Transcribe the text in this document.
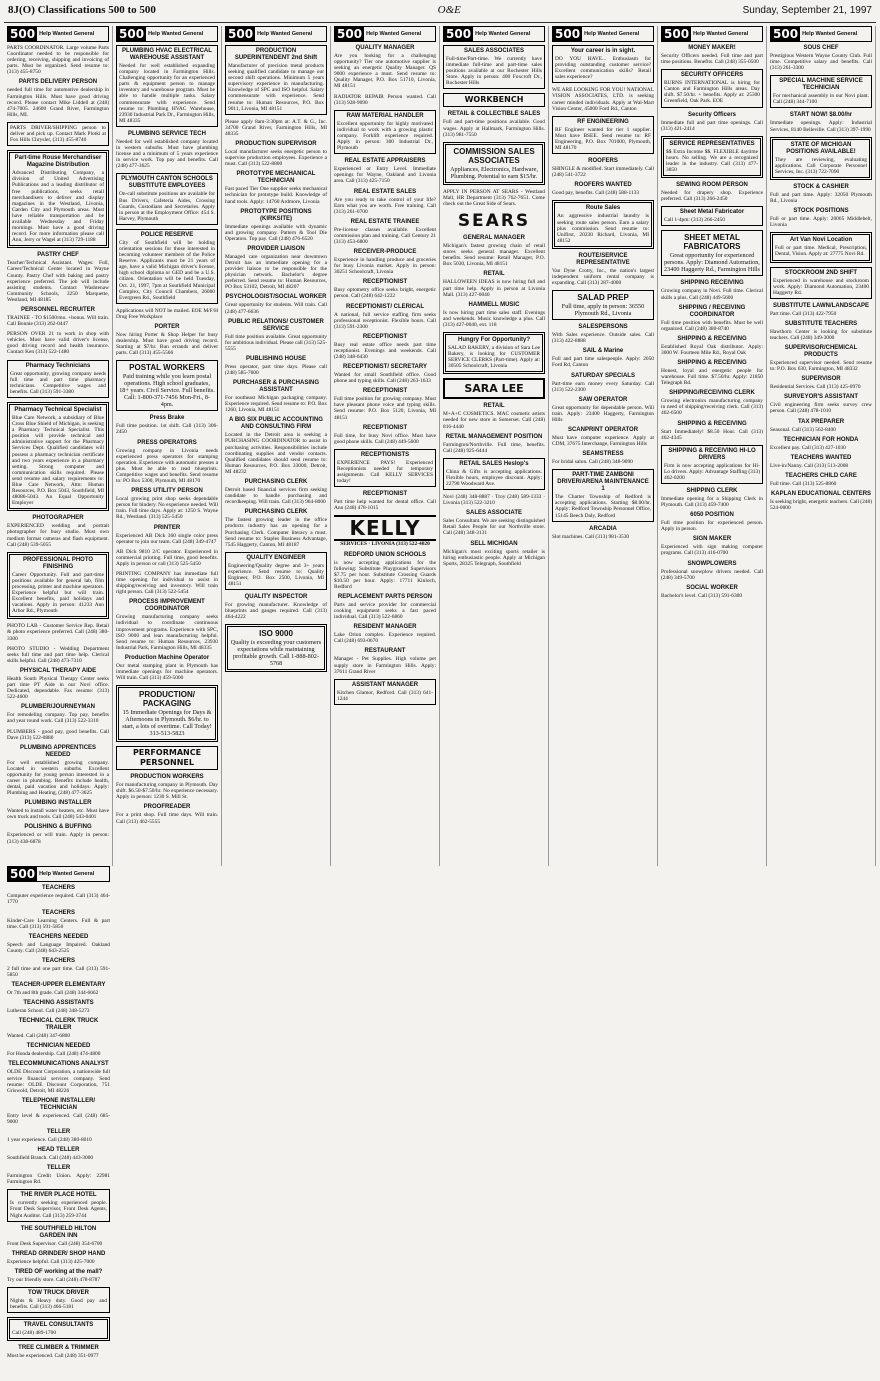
8J(O) Classifications 500 to 500	O&E	Sunday, September 21, 1997
500 Help Wanted General
PARTS COORDINATOR. Large volume Parts Coordinator needed to be responsible for ordering, receiving, shipping and invoicing of parts. Must be organized. Send resume to: (313) 455-8750
PARTS DELIVERY PERSON
needed full time for automotive dealership in Farmington Hills. Must have good driving record. Please contact Mike Liddell at (248) 474-7005. 24600 Grand River, Farmington Hills, MI.
PARTS DRIVER/SHIPPING person to deliver and pick up. Contact Mark Plotki at Fox Hills Chrysler, (313) 455-8740
Part-time Rouse Merchandiser Magazine Distribution
Advanced Distributing Company, a division of United Advertising Publications and a leading distributor of free publications, seeks retail merchandisers to deliver and display magazines in the Westland, Livonia, Garden City and Plymouth areas. Must have reliable transportation and be available Wednesday and Friday mornings. Must have a good driving record. For more information please call Ann, Jerry or Wagel at (313) 729-1188
PASTRY CHEF
Teacher/Technical Assistant. Wages: Full, Career/Technical Center located in Wayne County. Pastry Chef with baking and pastry experience preferred. The job will include assisting students. Contact Washtenaw Community Schools, 3250 Marquette, Westland, MI 48185
PERSONNEL RECRUITER
TRAINEE - TO $1500/mo. +bonus. Will train. Call Bonnie (313) 262-0447
PERSON OVER 21 to work in shop with vehicles. Must have valid driver's license, good driving record and health insurance. Contact Ken (313) 522-1480
Pharmacy Technicians
Great opportunity, growing company needs full time and part time pharmacy technicians. Competitive wages and benefits. Call (313) 591-3380
Pharmacy Technical Specialist
Blue Care Network, a subsidiary of Blue Cross Blue Shield of Michigan, is seeking a Pharmacy Technical Specialist. This position will provide technical and administrative support for the Pharmacy Services Dept. Qualified candidates will possess a pharmacy technician certificate and two years experience in a pharmacy setting. Strong computer and communication skills required. Please send resume and salary requirements to: Blue Care Network, Attn: Human Resources, P.O. Box 5043, Southfield, MI 48086-5043. An Equal Opportunity Employer
PHOTOGRAPHER
EXPERIENCED wedding and portrait photographer for busy studio. Must own medium format cameras and flash equipment. Call (248) 539-5055
PROFESSIONAL PHOTO FINISHING
Career Opportunity. Full and part-time positions available for general lab, film processing, printer and machine operators. Experience helpful but will train. Excellent benefits, paid holidays and vacations. Apply in person: 41233 Ann Arbor Rd., Plymouth
PHOTO LAB - Customer Service Rep. Retail & photo experience preferred. Call (248) 380-3300
PHOTO STUDIO - Wedding Department seeks full time and part time help. Clerical skills helpful. Call (248) 473-7310
PHYSICAL THERAPY AIDE
Health South Physical Therapy Center seeks part time PT Aide in our Novi office. Dedicated, dependable. Fax resume: (313) 522-4600
PLUMBER/JOURNEYMAN
For remodeling company. Top pay, benefits and year round work. Call (313) 522-3310
PLUMBERS - good pay, good benefits. Call Dave (313) 522-0880
PLUMBING APPRENTICES NEEDED
For well established growing company. Located in western suburbs. Excellent opportunity for young person interested in a career in plumbing. Benefits include health, dental, paid vacation and holidays. Apply: Plumbing and Heating, (248) 477-3625
PLUMBING INSTALLER
Wanted to install water heaters, etc. Must have own truck and tools. Call (248) 543-0401
POLISHING & BUFFING
Experienced or will train. Apply in person: (313) 438-6878
500 Help Wanted General
PLUMBING HVAC ELECTRICAL WAREHOUSE ASSISTANT
Needed for well established expanding company located in Farmington Hills. Challenging opportunity for an experienced parts & equipment person to manage inventory and warehouse program. Must be able to handle multiple tasks. Salary commensurate with experience. Send resume to: Plumbing HVAC Warehouse, 23930 Industrial Park Dr., Farmington Hills, MI 48335
PLUMBING SERVICE TECH
Needed for well established company located in western suburbs. Must have plumbing license and a minimum of 5 years experience in service work. Top pay and benefits. Call (248) 477-3625
PLYMOUTH CANTON SCHOOLS SUBSTITUTE EMPLOYEES
On-call substitute positions are available for Bus Drivers, Cafeteria Aides, Crossing Guards, Custodians and Secretaries. Apply in person at the Employment Office: 454 S. Harvey, Plymouth
POLICE RESERVE
City of Southfield will be holding orientation sessions for those interested in becoming volunteer members of the Police Reserve. Applicants must be 21 years of age, have a valid Michigan driver's license, high school diploma or GED and be a U.S. citizen. Orientation will be held Tuesday, Oct. 21, 1997, 7pm at Southfield Municipal Complex, City Council Chambers, 26000 Evergreen Rd., Southfield
Applications will NOT be mailed. EOE M/F/H Drug Free Workplace
PORTER
Now hiring Porter & Shop Helper for busy dealership. Must have good driving record. Starting at $7/hr. Run errands and deliver parts. Call (313) 455-5566
POSTAL WORKERS
Paid training while you learn postal operations. High school graduates, 18+ years. Civil Service. Full benefits. Call: 1-800-371-7456 Mon-Fri., 8-4pm.
Press Brake
Full time position. 1st shift. Call (313) 306-2450
PRESS OPERATORS
Growing company in Livonia needs experienced press operators for stamping operation. Experience with automatic presses a plus. Must be able to read blueprints. Competitive wages and benefits. Send resume to: PO Box 5300, Plymouth, MI 48170
PRESS UTILITY PERSON
Local growing print shop seeks dependable person for bindery. No experience needed. Will train. Full time days. Apply at: 1250 S. Wayne Rd., Westland. (313) 525-5450
PRINTER
Experienced AB Dick 360 single color press operator to join our team. Call (248) 349-4747
AB Dick 9810 2/C operator. Experienced in commercial printing. Full time, good benefits. Apply in person or call (313) 525-5450
PRINTING COMPANY has immediate full time opening for individual to assist in shipping/receiving and inventory. Will train right person. Call (313) 522-5454
PROCESS IMPROVEMENT COORDINATOR
Growing manufacturing company seeks individual to coordinate continuous improvement programs. Experience with SPC, ISO 9000 and lean manufacturing helpful. Send resume to: Human Resources, 23930 Industrial Park, Farmington Hills, MI 48335
Production Machine Operator
Our metal stamping plant in Plymouth has immediate openings for machine operators. Will train. Call (313) 459-5000
PRODUCTION/ PACKAGING
15 Immediate Openings for Days & Afternoons in Plymouth. $6/hr. to start, a lots of overtime. Call Today! 313-513-5823
PERFORMANCE PERSONNEL
PRODUCTION WORKERS
For manufacturing company in Plymouth. Day shift. $6.50-$7.50/hr. No experience necessary. Apply in person: 1230 S. Mill St.
PROOFREADER
For a print shop. Full time days. Will train. Call (313) 462-5555
500 Help Wanted General
PRODUCTION SUPERINTENDENT 2nd Shift
Manufacturer of precision metal products seeking qualified candidate to manage our second shift operations. Minimum 5 years supervisory experience in manufacturing. Knowledge of SPC and ISO helpful. Salary commensurate with experience. Send resume to: Human Resources, P.O. Box 9011, Livonia, MI 48151
Please apply 8am-3:30pm at: A.T. & G., Inc. 34700 Grand River, Farmington Hills, MI 48335
PRODUCTION SUPERVISOR
Local manufacturer seeks energetic person to supervise production employees. Experience a must. Call (313) 522-8800
PROTOTYPE MECHANICAL TECHNICIAN
Fast paced Tier One supplier seeks mechanical technician for prototype build. Knowledge of hand tools. Apply: 14760 Ardmore, Livonia
PROTOTYPE POSITIONS (KIRKSITE)
Immediate openings available with dynamic and growing company. Pattern & Tool Die Operators. Top pay. Call (248) 476-6520
PROVIDER LIAISON
Managed care organization near downtown Detroit has an immediate opening for a provider liaison to be responsible for the physician network. Bachelor's degree preferred. Send resume to: Human Resources, PO Box 53102, Detroit, MI 48207
PSYCHOLOGIST/SOCIAL WORKER
Great opportunity for students. Will train. Call (248) 477-6636
PUBLIC RELATIONS/ CUSTOMER SERVICE
Full time position available. Great opportunity for ambitious individual. Please call (313) 525-5555
PUBLISHING HOUSE
Press operator, part time days. Please call (248) 585-7600
PURCHASER & PURCHASING ASSISTANT
For southeast Michigan packaging company. Experience required. Send resume to: P.O. Box 1260, Livonia, MI 48151
A BIG SIX PUBLIC ACCOUNTING AND CONSULTING FIRM
Located in the Detroit area is seeking a PURCHASING COORDINATOR to assist in purchasing activities. Responsibilities include coordinating supplies and vendor contacts. Qualified candidates should send resume to: Human Resources, P.O. Box 33000, Detroit, MI 48232
PURCHASING CLERK
Detroit based financial services firm seeking candidate to handle purchasing and recordkeeping. Will train. Call (313) 964-8000
PURCHASING CLERK
The fastest growing leader in the office products industry has an opening for a Purchasing Clerk. Computer literacy a must. Send resume to: Staples Business Advantage, 7545 Haggerty, Canton, MI 48187
QUALITY ENGINEER
Engineering/Quality degree and 3+ years experience. Send resume to: Quality Engineer, P.O. Box 2500, Livonia, MI 48151
QUALITY INSPECTOR
For growing manufacturer. Knowledge of blueprints and gauges required. Call (313) 464-4222
ISO 9000
Quality is exceeding your customers expectations while maintaining profitable growth. Call 1-888-802-5768
500 Help Wanted General
QUALITY MANAGER
Are you looking for a challenging opportunity? Tier one automotive supplier is seeking an energetic Quality Manager. QS 9000 experience a must. Send resume to: Quality Manager, P.O. Box 51710, Livonia, MI 48151
RADIATOR REPAIR Person wanted. Call (313) 928-9090
RAW MATERIAL HANDLER
Excellent opportunity for highly motivated individual to work with a growing plastic company. Forklift experience required. Apply in person: 300 Industrial Dr., Plymouth
REAL ESTATE APPRAISERS
Experienced or Entry Level. Immediate openings for Wayne, Oakland and Livonia area. Call (313) 425-7150
REAL ESTATE SALES
Are you ready to take control of your life? Earn what you are worth. Free training. Call (313) 261-0700
REAL ESTATE TRAINEE
Pre-license classes available. Excellent commission plan and training. Call Century 21 (313) 453-6800
RECEIVER-PRODUCE
Experience in handling produce and groceries for busy Livonia market. Apply in person: 30251 Schoolcraft, Livonia
RECEPTIONIST
Busy optometry office seeks bright, energetic person. Call (248) 642-1222
RECEPTIONIST/ CLERICAL
A national, full service staffing firm seeks professional receptionist. Flexible hours. Call (313) 591-2300
RECEPTIONIST
Busy real estate office needs part time receptionist. Evenings and weekends. Call (248) 348-6430
RECEPTIONIST/ SECRETARY
Wanted for small Southfield office. Good phone and typing skills. Call (248) 263-1633
RECEPTIONIST
Full time position for growing company. Must have pleasant phone voice and typing skills. Send resume: P.O. Box 5120, Livonia, MI 48151
RECEPTIONIST
Full time, for busy Novi office. Must have good phone skills. Call (248) 449-5600
RECEPTIONISTS
EXPERIENCE PAYS! Experienced Receptionists needed for temporary assignments. Call KELLY SERVICES today!
RECEPTIONIST
Part time help wanted for dental office. Call Ann (248) 478-1015
KELLY
SERVICES · LIVONIA (313) 522-4020
REDFORD UNION SCHOOLS
is now accepting applications for the following: Substitute Playground Supervisors $7.75 per hour. Substitute Crossing Guards $10.50 per hour. Apply: 17711 Kinloch, Redford
REPLACEMENT PARTS PERSON
Parts and service provider for commercial cooking equipment seeks a fast paced individual. Call (313) 522-6860
RESIDENT MANAGER
Lake Orion complex. Experience required. Call (248) 693-0670
RESTAURANT
Manager - Pet Supplies. High volume pet supply store in Farmington Hills. Apply: 37611 Grand River
ASSISTANT MANAGER
Kitchen Glamor, Redford. Call (313) 641-1244
500 Help Wanted General
SALES ASSOCIATES
Full-time/Part-time. We currently have immediate full-time and part-time sales positions available at our Rochester Hills Store. Apply in person: 400 Foxcroft Dr., Rochester Hills
WORKBENCH
RETAIL & COLLECTIBLE SALES
Full and part-time positions available. Good wages. Apply at Hallmark, Farmington Hills. (313) 981-7550
COMMISSION SALES ASSOCIATES
Appliances, Electronics, Hardware, Plumbing. Potential to earn $15/hr.
APPLY IN PERSON AT SEARS - Westland Mall, HR Department (313) 762-7651. Come check out the Great Side of Sears.
SEARS
GENERAL MANAGER
Michigan's fastest growing chain of retail stores seeks general manager. Excellent benefits. Send resume: Retail Manager, P.O. Box 5030, Livonia, MI 48151
RETAIL
HALLOWEEN IDEAS is now hiring full and part time help. Apply in person at Livonia Mall. (313) 427-0040
HAMMELL MUSIC
Is now hiring part time sales staff. Evenings and weekends. Music knowledge a plus. Call (313) 427-0040, ext. 118
Hungry For Opportunity?
SALAD BAKERY, a division of Sara Lee Bakery, is looking for CUSTOMER SERVICE CLERKS (Part-time). Apply at: 30505 Schoolcraft, Livonia
SARA LEE
RETAIL
M+A+C COSMETICS. MAC cosmetic artists needed for new store in Somerset. Call (248) 816-4440
RETAIL MANAGEMENT POSITION
Farmington/Northville. Full time, benefits. Call (248) 925-6444
RETAIL SALES Heslop's
China & Gifts is accepting applications. Flexible hours, employee discount. Apply: 22790 Woodward Ave.
Novi (248) 348-8887 · Troy (248) 589-1333 · Livonia (313) 522-3210
SALES ASSOCIATE
Sales Consultant. We are seeking distinguished Retail Sales People for our Northville store. Call (248) 348-3131
SELL MICHIGAN
Michigan's most exciting sports retailer is hiring enthusiastic people. Apply at Michigan Sports, 28325 Telegraph, Southfield
500 Help Wanted General
Your career is in sight.
DO YOU HAVE... Enthusiasm for providing outstanding customer service? Excellent communication skills? Retail sales experience?
WE ARE LOOKING FOR YOU! NATIONAL VISION ASSOCIATES, LTD. is seeking career minded individuals. Apply at Wal-Mart Vision Center, 45000 Ford Rd., Canton
RF ENGINEERING
RF Engineer wanted for tier 1 supplier. Must have BSEE. Send resume to: RF Engineering, P.O. Box 701000, Plymouth, MI 48170
ROOFERS
SHINGLE & modified. Start immediately. Call (248) 541-3722
ROOFERS WANTED
Good pay, benefits. Call (248) 588-1133
Route Sales
An aggressive industrial laundry is seeking route sales person. Earn a salary plus commission. Send resume to: Unifirst, 20230 Richard, Livonia, MI 48152
ROUTE/SERVICE REPRESENTATIVE
Van Dyne Crotty, Inc., the nation's largest independent uniform rental company is expanding. Call (313) 287-4000
SALAD PREP
Full time, apply in person: 36550 Plymouth Rd., Livonia
SALESPERSONS
With Sales experience. Outside sales. Call (313) 422-8888
SAIL & Marine
Full and part time salespeople. Apply: 2050 Ford Rd, Canton
SATURDAY SPECIALS
Part-time earn money every Saturday. Call (313) 522-2300
SAW OPERATOR
Great opportunity for dependable person. Will train. Apply: 23400 Haggerty, Farmington Hills
SCANPRINT OPERATOR
Must have computer experience. Apply at CDM, 37675 Interchange, Farmington Hills
SEAMSTRESS
For bridal salon. Call (248) 348-9090
PART-TIME ZAMBONI DRIVER/ARENA MAINTENANCE 1
The Charter Township of Redford is accepting applications. Starting $8.00/hr. Apply: Redford Township Personnel Office, 15145 Beech Daly, Redford
ARCADIA
Slot machines. Call (313) 981-3530
500 Help Wanted General
MONEY MAKER!
Security Officers needed. Full time and part time positions. Benefits. Call (248) 355-0500
SECURITY OFFICERS
BURNS INTERNATIONAL is hiring for Canton and Farmington Hills areas. Day shift. $7.50/hr. + benefits. Apply at: 25300 Greenfield, Oak Park. EOE
Security Officers
Immediate full and part time openings. Call (313) 421-2414
SERVICE REPRESENTATIVES
$$ Extra Income $$. FLEXIBLE daytime hours. No selling. We are a recognized leader in the industry. Call (313) 477-3850
SEWING ROOM PERSON
Needed for drapery shop. Experience preferred. Call (313) 266-2450
Sheet Metal Fabricator
Call 1-4pm: (313) 266-2450
SHEET METAL FABRICATORS
Great opportunity for experienced persons. Apply: Diamond Automation, 23400 Haggerty Rd., Farmington Hills
SHIPPING RECEIVING
Growing company in Novi. Full time. Clerical skills a plus. Call (248) 449-5600
SHIPPING / RECEIVING COORDINATOR
Full time position with benefits. Must be well organized. Call (248) 380-8740
SHIPPING & RECEIVING
Established Royal Oak distributor. Apply: 3000 W. Fourteen Mile Rd., Royal Oak
SHIPPING & RECEIVING
Honest, loyal and energetic people for warehouse. Full time. $7.50/hr. Apply: 21850 Telegraph Rd.
SHIPPING/RECEIVING CLERK
Growing electronics manufacturing company in need of shipping/receiving clerk. Call (313) 462-6500
SHIPPING & RECEIVING
Start Immediately! $8.50 Hour. Call (313) 462-4345
SHIPPING & RECEIVING HI-LO DRIVERS
Firm is now accepting applications for Hi-Lo drivers. Apply: Advantage Staffing (313) 462-0200
SHIPPING CLERK
Immediate opening for a Shipping Clerk in Plymouth. Call (313) 459-7400
6050 POSITION
Full time position for experienced person. Apply in person.
SIGN MAKER
Experienced with sign making computer programs. Call (313) 416-0700
SNOWPLOWERS
Professional snowplow drivers needed. Call (248) 349-5700
SOCIAL WORKER
Bachelor's level. Call (313) 591-6300
500 Help Wanted General
SOUS CHEF
Prestigious Western Wayne County Club. Full time. Competitive salary and benefits. Call (313) 261-3300
SPECIAL MACHINE SERVICE TECHNICIAN
For mechanical assembly in our Novi plant. Call (248) 344-7100
START NOW! $8.00/hr
Immediate openings. Apply: Industrial Services, 8140 Belleville. Call (313) 397-1990
STATE OF MICHIGAN POSITIONS AVAILABLE!
They are reviewing, evaluating applications. Call Corporate Personnel Services, Inc. (313) 722-7090
STOCK & CASHIER
Full and part time. Apply: 32050 Plymouth Rd., Livonia
STOCK POSITIONS
Full or part time. Apply: 20065 Middlebelt, Livonia
Art Van Novi Location
Full or part time. Medical, Prescription, Dental, Vision. Apply at: 27775 Novi Rd.
STOCKROOM 2ND SHIFT
Experienced in warehouse and stockroom work. Apply: Diamond Automation, 23400 Haggerty Rd.
SUBSTITUTE LAWN/LANDSCAPE
Part time. Call (313) 422-7950
SUBSTITUTE TEACHERS
Hawthorn Center is looking for substitute teachers. Call (248) 349-3000
SUPERVISOR/CHEMICAL PRODUCTS
Experienced supervisor needed. Send resume to: P.O. Box 630, Farmington, MI 48332
SUPERVISOR
Residential Services. Call (313) 425-0970
SURVEYOR'S ASSISTANT
Civil engineering firm seeks survey crew person. Call (248) 478-1010
TAX PREPARER
Seasonal. Call (313) 562-8400
TECHNICIAN FOR HONDA
Excellent pay. Call (313) 427-1030
TEACHERS WANTED
Live-in/Nanny. Call (313) 513-2008
TEACHERS CHILD CARE
Full time. Call (313) 525-8860
KAPLAN EDUCATIONAL CENTERS
Is seeking bright, energetic teachers. Call (248) 524-0000
500 Help Wanted General
TEACHERS
Computer experience required. Call (313) 464-1770
TEACHERS
Kinder-Care Learning Centers. Full & part time. Call (313) 591-5850
TEACHERS NEEDED
Speech and Language Impaired. Oakland County. Call (248) 643-2525
TEACHERS
2 full time and one part time. Call (313) 591-5850
TEACHER-UPPER ELEMENTARY
Or 7th and 8th grade. Call (248) 344-6662
TEACHING ASSISTANTS
Lutheran School. Call (248) 348-5273
TECHNICAL CLERK TRUCK TRAILER
Wanted. Call (248) 347-6800
TECHNICIAN NEEDED
For Honda dealership. Call (248) 474-4800
TELECOMMUNICATIONS ANALYST
OLDE Discount Corporation, a nationwide full service financial services company. Send resume: OLDE Discount Corporation, 751 Griswold, Detroit, MI 48226
TELEPHONE INSTALLER/ TECHNICIAN
Entry level & experienced. Call (248) 685-9000
TELLER
1 year experience. Call (248) 380-8010
HEAD TELLER
Southfield Branch. Call (248) 443-3000
TELLER
Farmington Credit Union. Apply: 22981 Farmington Rd.
THE RIVER PLACE HOTEL
Is currently seeking experienced people. Front Desk Supervisor, Front Desk Agents, Night Auditor. Call (313) 259-3744
THE SOUTHFIELD HILTON GARDEN INN
Front Desk Supervisor. Call (248) 354-6700
THREAD GRINDER/ SHOP HAND
Experience helpful. Call (313) 425-7000
TIRED OF working at the mall?
Try our friendly store. Call (248) 478-8787
TOW TRUCK DRIVER
Nights & Heavy duty. Good pay and benefits. Call (313) 466-5181
TRAVEL CONSULTANTS
Call (248) 489-1700
TREE CLIMBER & TRIMMER
Must be experienced. Call (248) 351-0977
